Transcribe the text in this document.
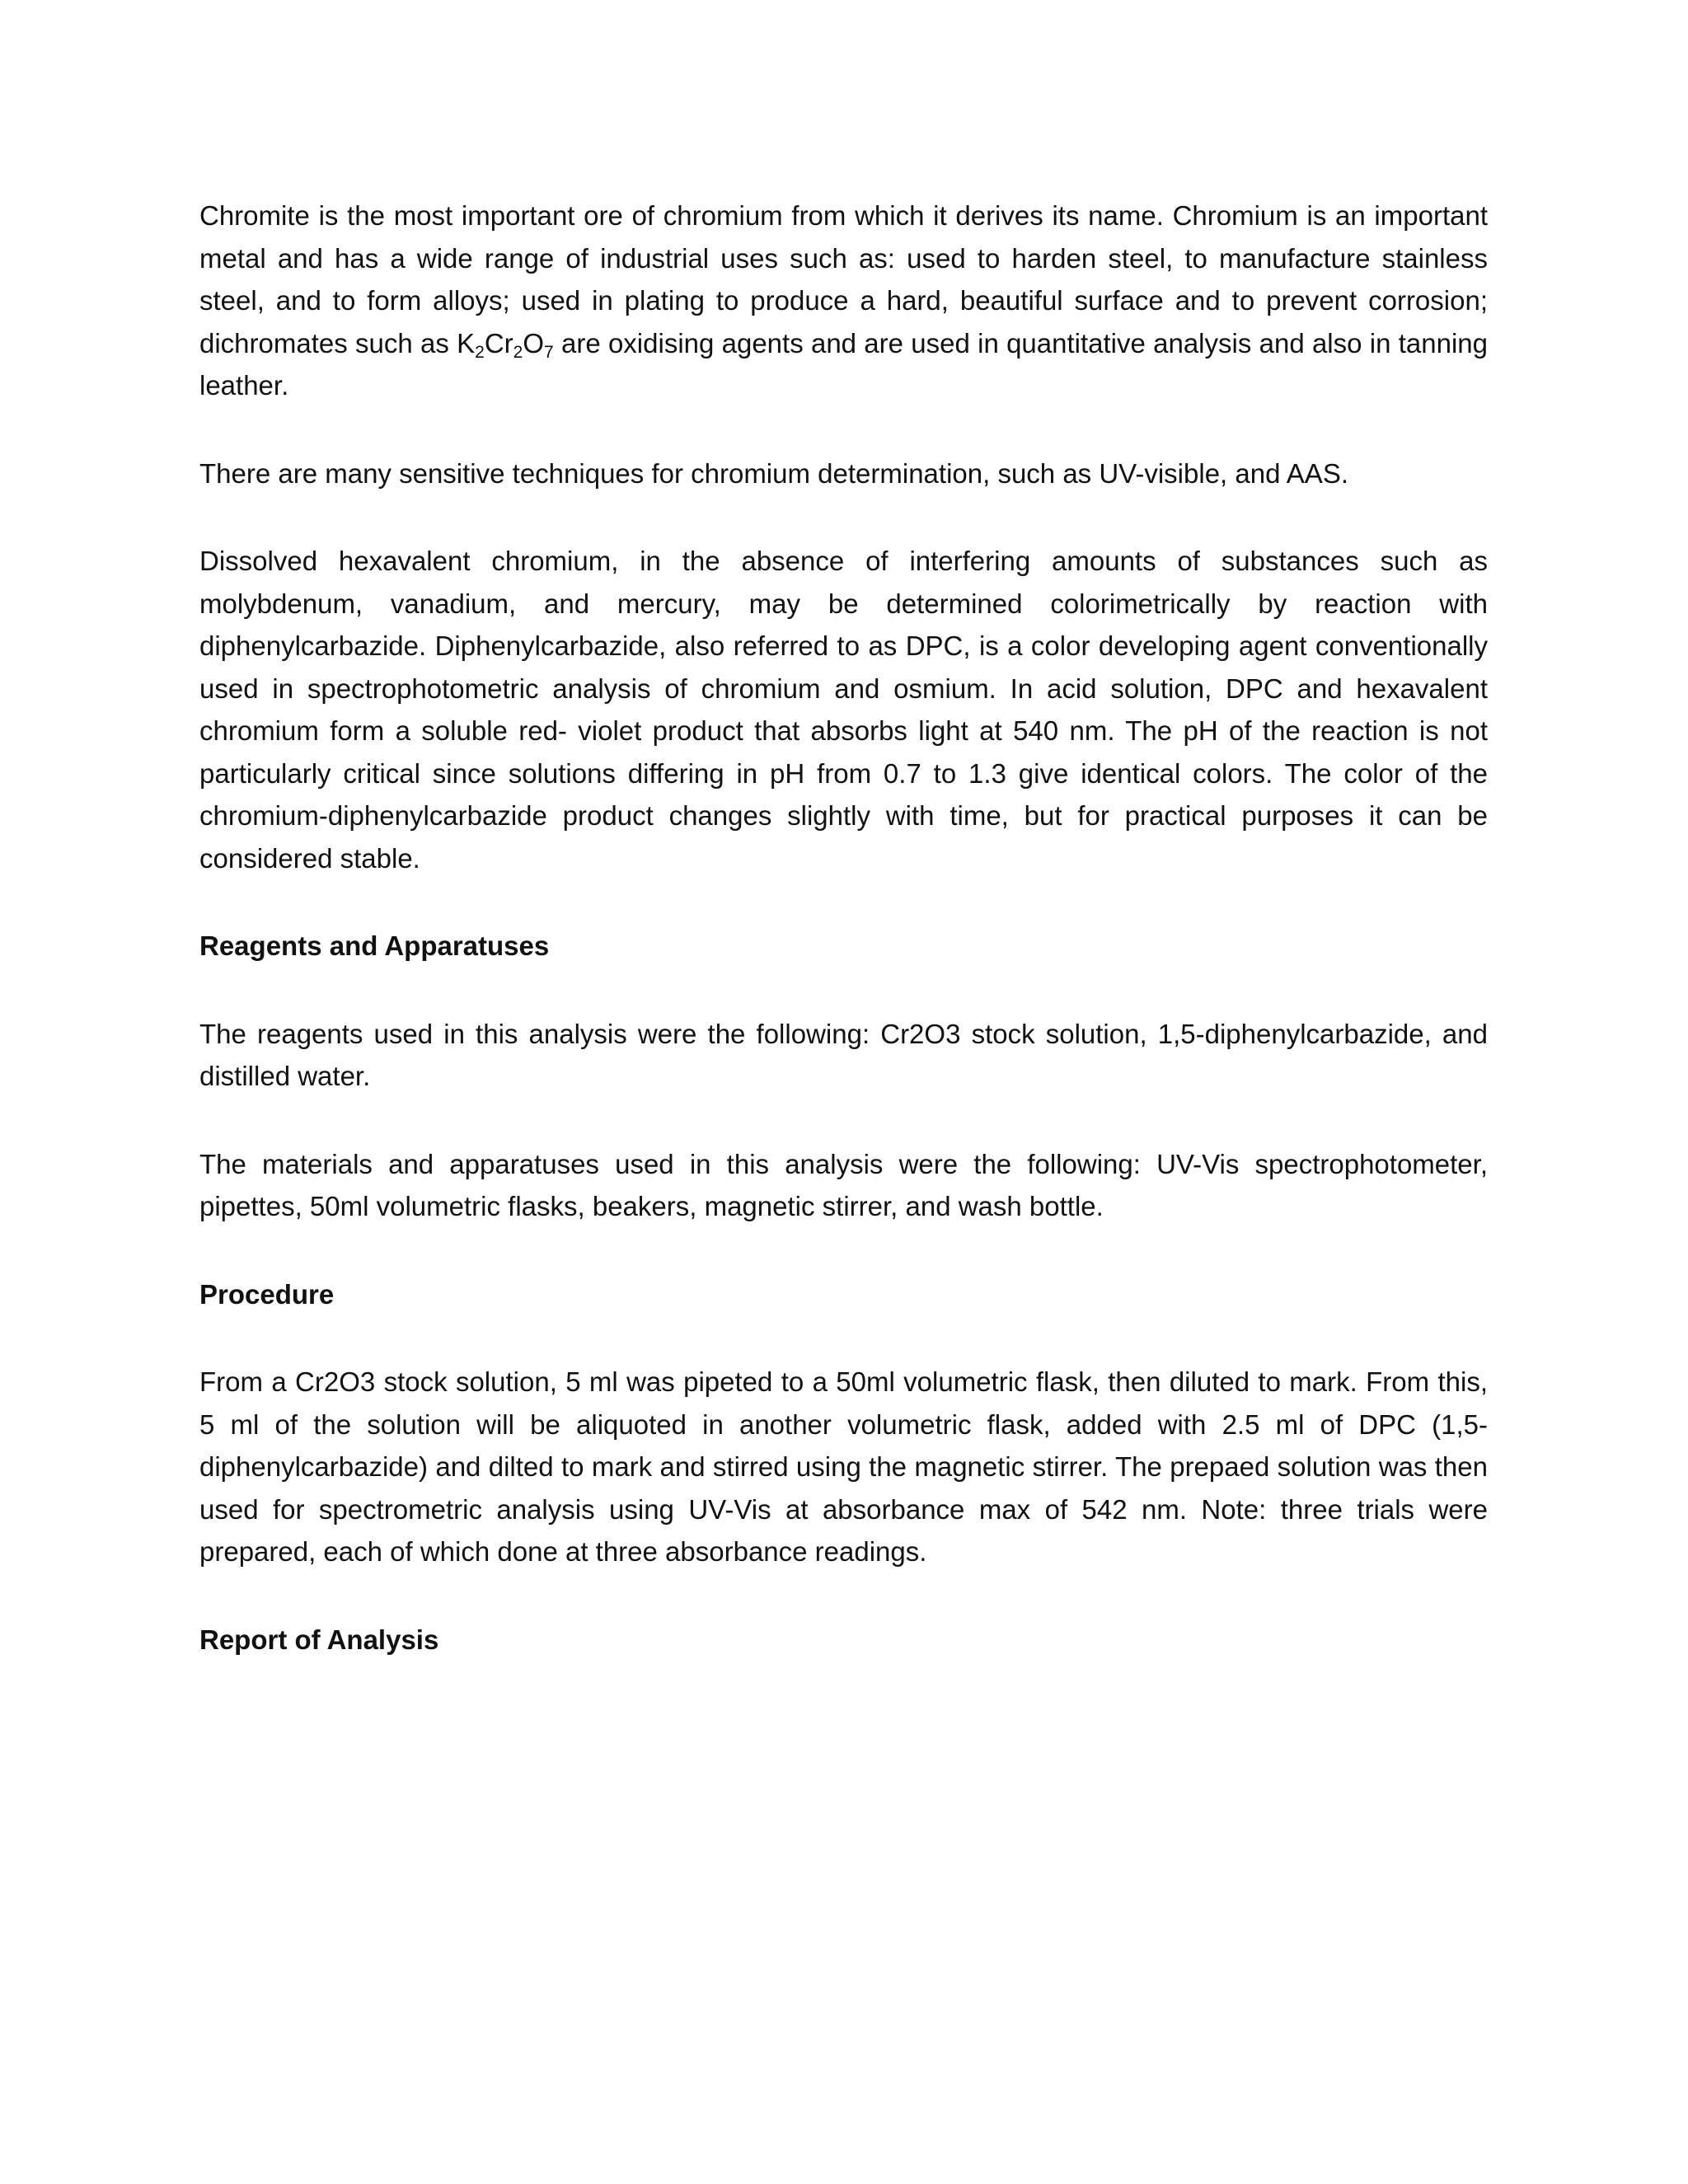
Chromite is the most important ore of chromium from which it derives its name. Chromium is an important metal and has a wide range of industrial uses such as: used to harden steel, to manufacture stainless steel, and to form alloys; used in plating to produce a hard, beautiful surface and to prevent corrosion; dichromates such as $K_2Cr_2O_7$ are oxidising agents and are used in quantitative analysis and also in tanning leather.

There are many sensitive techniques for chromium determination, such as UV-visible, and AAS.

Dissolved hexavalent chromium, in the absence of interfering amounts of substances such as molybdenum, vanadium, and mercury, may be determined colorimetrically by reaction with diphenylcarbazide. Diphenylcarbazide, also referred to as DPC, is a color developing agent conventionally used in spectrophotometric analysis of chromium and osmium. In acid solution, DPC and hexavalent chromium form a soluble red- violet product that absorbs light at 540 nm. The pH of the reaction is not particularly critical since solutions differing in pH from 0.7 to 1.3 give identical colors. The color of the chromium-diphenylcarbazide product changes slightly with time, but for practical purposes it can be considered stable.

Reagents and Apparatuses

The reagents used in this analysis were the following: Cr2O3 stock solution, 1,5-diphenylcarbazide, and distilled water.

The materials and apparatuses used in this analysis were the following: UV-Vis spectrophotometer, pipettes, 50ml volumetric flasks, beakers, magnetic stirrer, and wash bottle.

Procedure

From a Cr2O3 stock solution, 5 ml was pipeted to a 50ml volumetric flask, then diluted to mark. From this, 5 ml of the solution will be aliquoted in another volumetric flask, added with 2.5 ml of DPC (1,5-diphenylcarbazide) and dilted to mark and stirred using the magnetic stirrer. The prepaed solution was then used for spectrometric analysis using UV-Vis at absorbance max of 542 nm. Note: three trials were prepared, each of which done at three absorbance readings.

Report of Analysis
